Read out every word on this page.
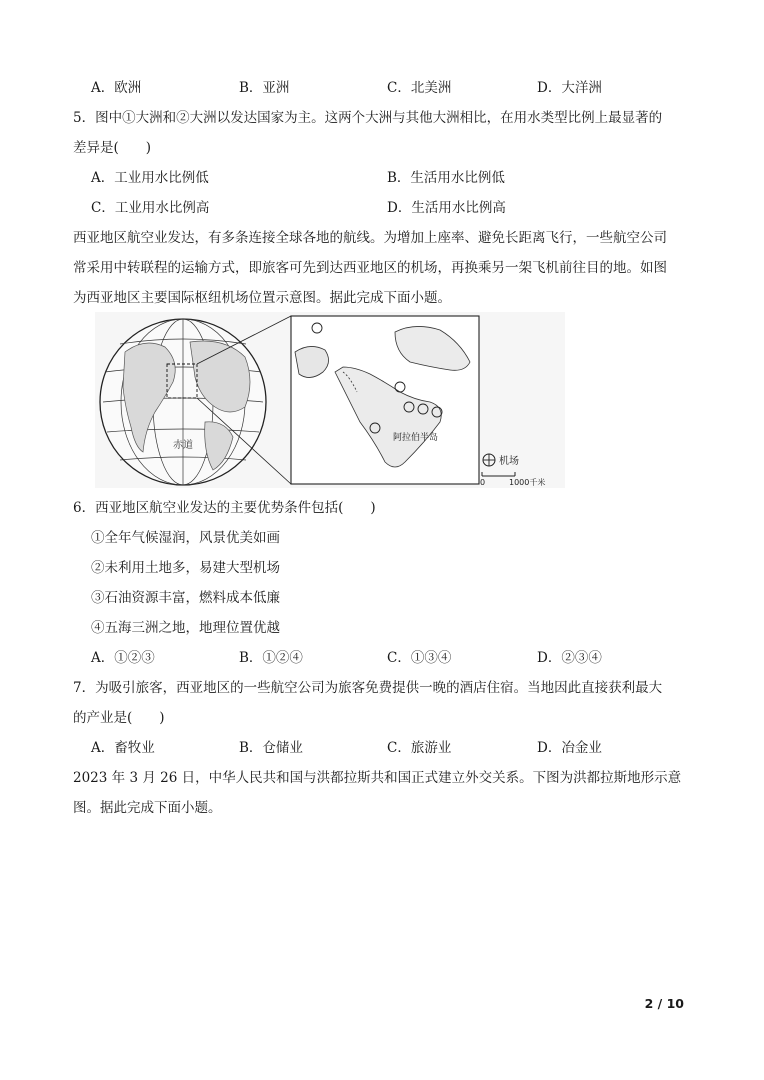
A．欧洲	B．亚洲	C．北美洲	D．大洋洲
5．图中①大洲和②大洲以发达国家为主。这两个大洲与其他大洲相比，在用水类型比例上最显著的
差异是(　　)
A．工业用水比例低	B．生活用水比例低
C．工业用水比例高	D．生活用水比例高
西亚地区航空业发达，有多条连接全球各地的航线。为增加上座率、避免长距离飞行，一些航空公司
常采用中转联程的运输方式，即旅客可先到达西亚地区的机场，再换乘另一架飞机前往目的地。如图
为西亚地区主要国际枢纽机场位置示意图。据此完成下面小题。
赤道
阿拉伯半岛
机场
0	1000千米
6．西亚地区航空业发达的主要优势条件包括(　　)
①全年气候湿润，风景优美如画
②未利用土地多，易建大型机场
③石油资源丰富，燃料成本低廉
④五海三洲之地，地理位置优越
A．①②③	B．①②④	C．①③④	D．②③④
7．为吸引旅客，西亚地区的一些航空公司为旅客免费提供一晚的酒店住宿。当地因此直接获利最大
的产业是(　　)
A．畜牧业	B．仓储业	C．旅游业	D．冶金业
2023 年 3 月 26 日，中华人民共和国与洪都拉斯共和国正式建立外交关系。下图为洪都拉斯地形示意
图。据此完成下面小题。
2 / 10
